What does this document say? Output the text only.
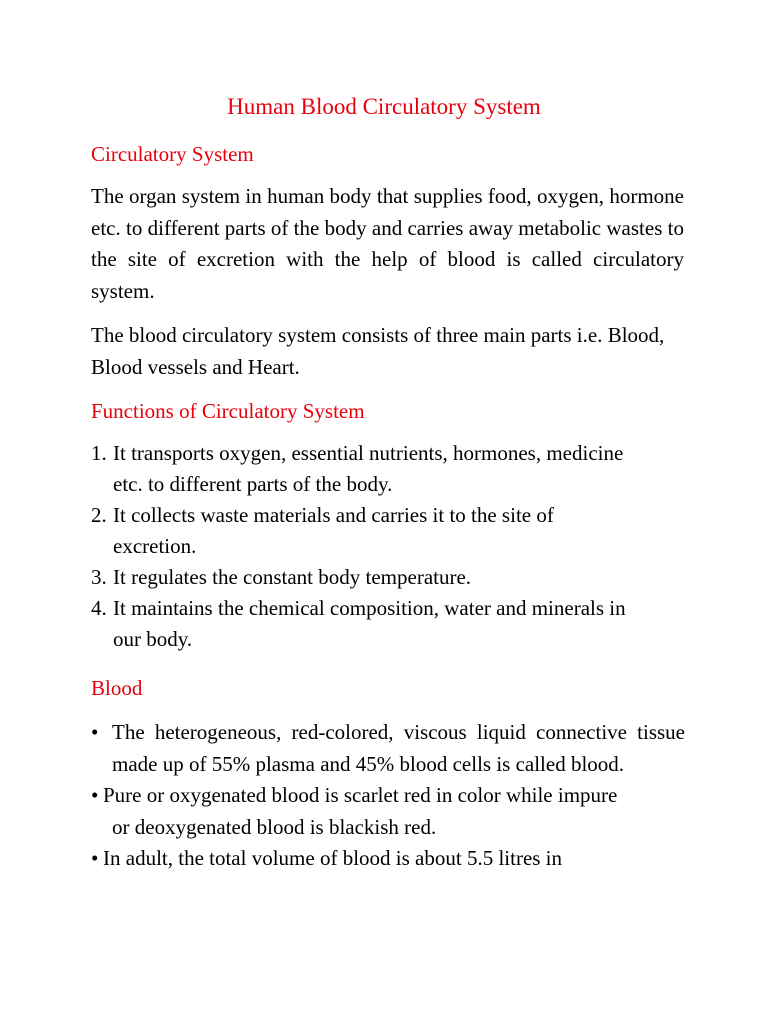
Human Blood Circulatory System
Circulatory System

The organ system in human body that supplies food, oxygen, hormone etc. to different parts of the body and carries away metabolic wastes to the site of excretion with the help of blood is called circulatory system.

The blood circulatory system consists of three main parts i.e. Blood, Blood vessels and Heart.

Functions of Circulatory System
1. It transports oxygen, essential nutrients, hormones, medicine
etc. to different parts of the body.
2. It collects waste materials and carries it to the site of
excretion.
3. It regulates the constant body temperature.
4. It maintains the chemical composition, water and minerals in
our body.
Blood
• The heterogeneous, red-colored, viscous liquid connective tissue made up of 55% plasma and 45% blood cells is called blood.
• Pure or oxygenated blood is scarlet red in color while impure
or deoxygenated blood is blackish red.
• In adult, the total volume of blood is about 5.5 litres in
